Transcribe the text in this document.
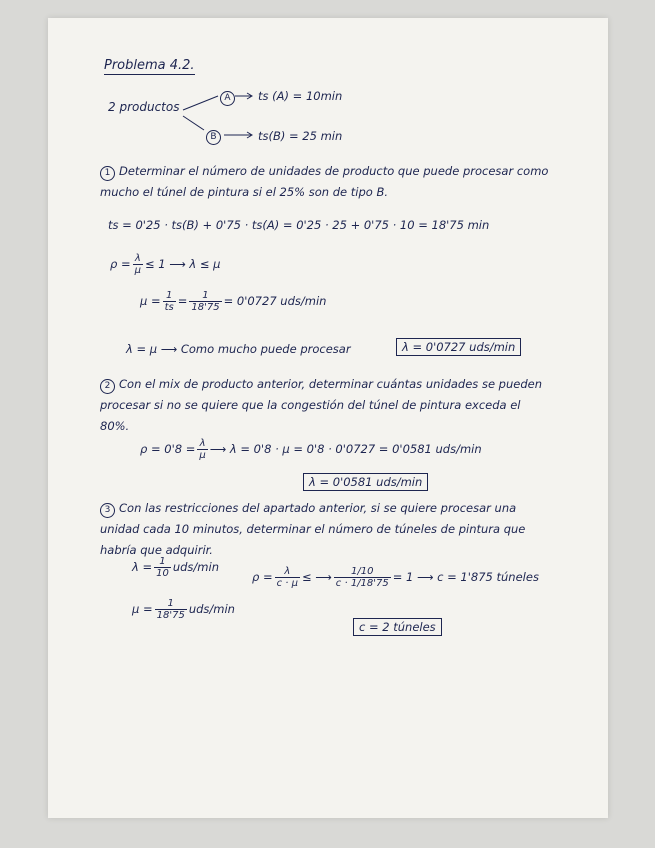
Problema 4.2.
2 productos
A	ts (A) = 10min
B	ts(B) = 25 min
1 Determinar el número de unidades de producto que puede procesar como mucho el túnel de pintura si el 25% son de tipo B.
ts = 0'25 · ts(B) + 0'75 · ts(A) = 0'25 · 25 + 0'75 · 10 = 18'75 min
$\rho = \frac{\lambda}{\mu} \le 1$ ⟶ λ ≤ μ
$\mu = \frac{1}{ts} = \frac{1}{18'75} = 0'0727$ uds/min
λ = μ ⟶ Como mucho puede procesar	λ = 0'0727 uds/min
2 Con el mix de producto anterior, determinar cuántas unidades se pueden procesar si no se quiere que la congestión del túnel de pintura exceda el 80%.
$\rho = 0'8 = \frac{\lambda}{\mu}$ ⟶ λ = 0'8 · μ = 0'8 · 0'0727 = 0'0581 uds/min
λ = 0'0581 uds/min
3 Con las restricciones del apartado anterior, si se quiere procesar una unidad cada 10 minutos, determinar el número de túneles de pintura que habría que adquirir.
$\lambda = \frac{1}{10} uds/\min$
$\mu = \frac{1}{18'75} uds/\min$
$\rho = \frac{\lambda}{c \cdot \mu}$ ≤ ⟶ $\frac{1/10}{c \cdot 1/18'75} = 1$ ⟶ c = 1'875 túneles
c = 2 túneles
